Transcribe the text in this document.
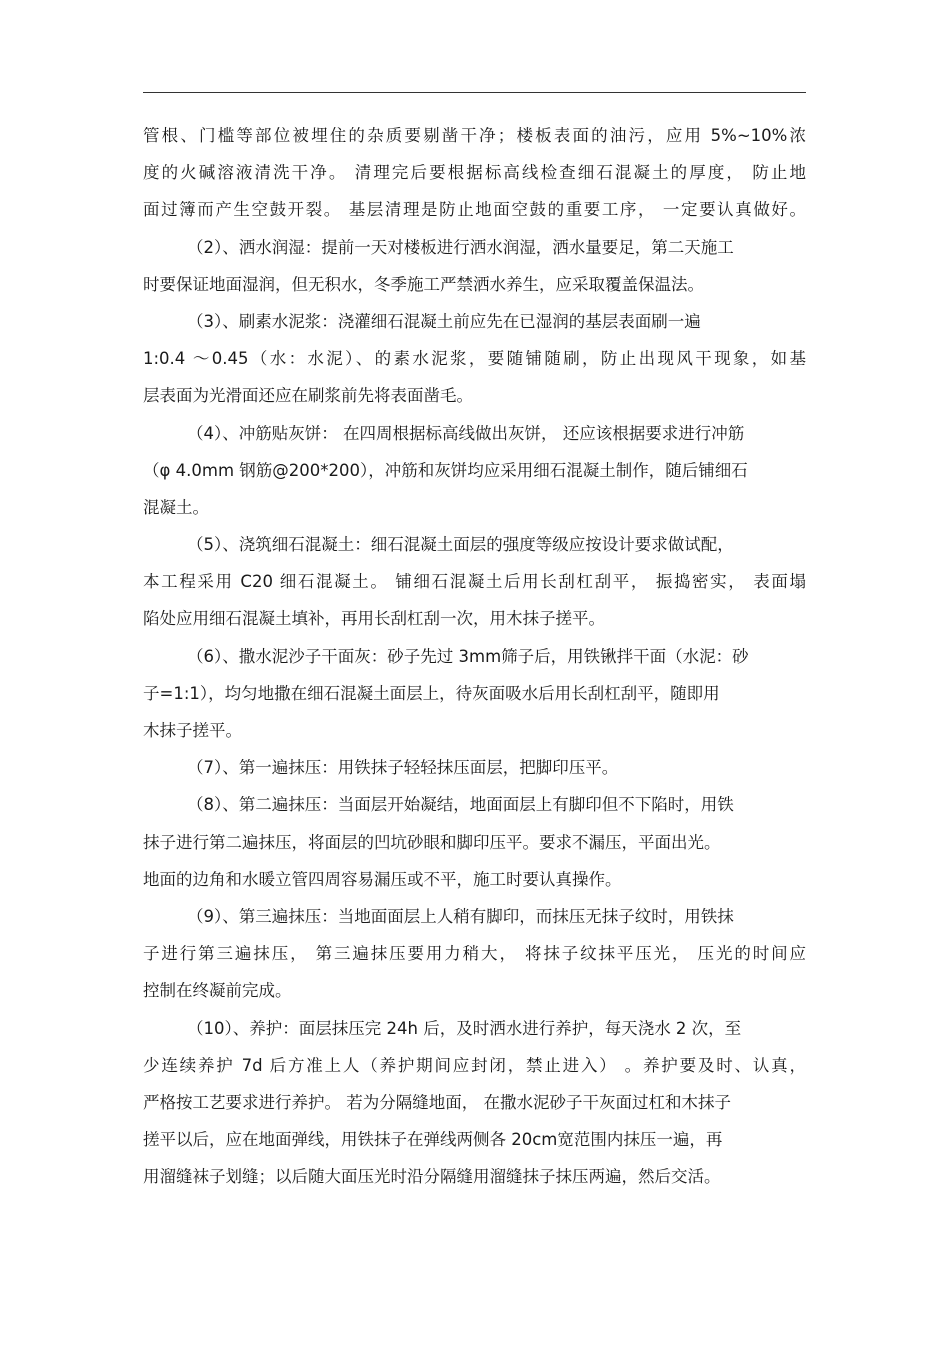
管根、门槛等部位被埋住的杂质要剔凿干净；楼板表面的油污，应用 5%~10%浓
度的火碱溶液清洗干净。 清理完后要根据标高线检查细石混凝土的厚度， 防止地
面过簿而产生空鼓开裂。 基层清理是防止地面空鼓的重要工序， 一定要认真做好。
（2）、洒水润湿：提前一天对楼板进行洒水润湿，洒水量要足，第二天施工
时要保证地面湿润，但无积水，冬季施工严禁洒水养生，应采取覆盖保温法。
（3）、刷素水泥浆：浇灌细石混凝土前应先在已湿润的基层表面刷一遍
1:0.4 ～0.45（水：水泥）、的素水泥浆，要随铺随刷，防止出现风干现象，如基
层表面为光滑面还应在刷浆前先将表面凿毛。
（4）、冲筋贴灰饼： 在四周根据标高线做出灰饼， 还应该根据要求进行冲筋
（φ 4.0mm 钢筋@200*200），冲筋和灰饼均应采用细石混凝土制作，随后铺细石
混凝土。
（5）、浇筑细石混凝土：细石混凝土面层的强度等级应按设计要求做试配，
本工程采用 C20 细石混凝土。 铺细石混凝土后用长刮杠刮平， 振捣密实， 表面塌
陷处应用细石混凝土填补，再用长刮杠刮一次，用木抹子搓平。
（6）、撒水泥沙子干面灰：砂子先过 3mm筛子后，用铁锹拌干面（水泥：砂
子=1:1），均匀地撒在细石混凝土面层上，待灰面吸水后用长刮杠刮平，随即用
木抹子搓平。
（7）、第一遍抹压：用铁抹子轻轻抹压面层，把脚印压平。
（8）、第二遍抹压：当面层开始凝结，地面面层上有脚印但不下陷时，用铁
抹子进行第二遍抹压，将面层的凹坑砂眼和脚印压平。要求不漏压，平面出光。
地面的边角和水暖立管四周容易漏压或不平，施工时要认真操作。
（9）、第三遍抹压：当地面面层上人稍有脚印，而抹压无抹子纹时，用铁抹
子进行第三遍抹压， 第三遍抹压要用力稍大， 将抹子纹抹平压光， 压光的时间应
控制在终凝前完成。
（10）、养护：面层抹压完 24h 后，及时洒水进行养护，每天浇水 2 次，至
少连续养护 7d 后方准上人（养护期间应封闭，禁止进入） 。养护要及时、认真，
严格按工艺要求进行养护。 若为分隔缝地面， 在撒水泥砂子干灰面过杠和木抹子
搓平以后，应在地面弹线，用铁抹子在弹线两侧各 20cm宽范围内抹压一遍，再
用溜缝袜子划缝；以后随大面压光时沿分隔缝用溜缝抹子抹压两遍，然后交活。
